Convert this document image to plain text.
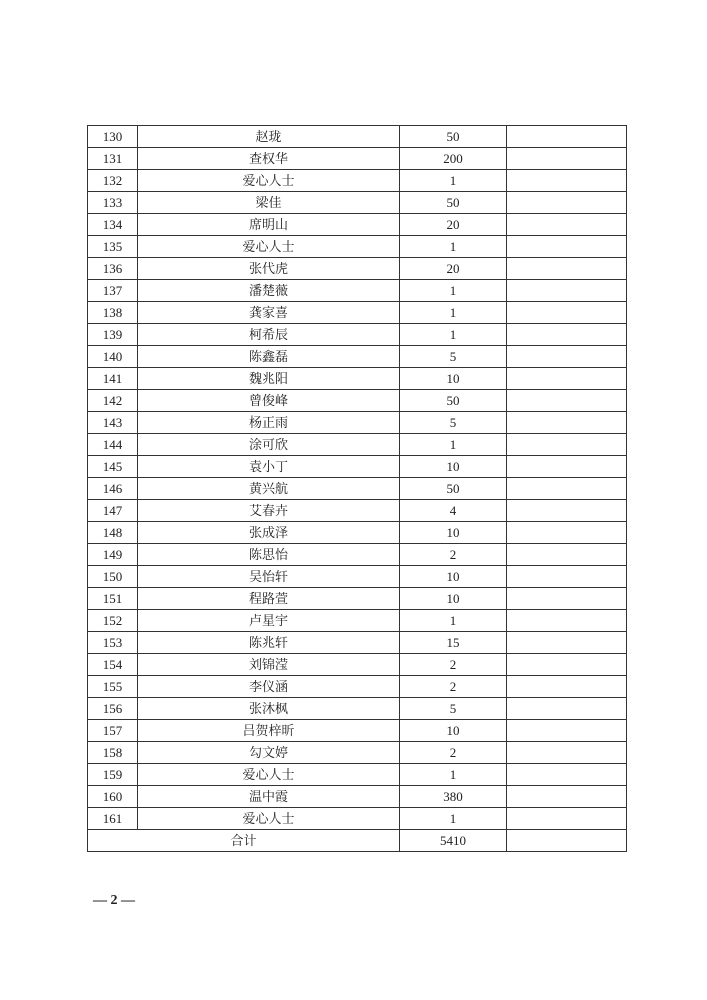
130	赵珑	50	
131	查权华	200	
132	爱心人士	1	
133	梁佳	50	
134	席明山	20	
135	爱心人士	1	
136	张代虎	20	
137	潘楚薇	1	
138	龚家喜	1	
139	柯希辰	1	
140	陈鑫磊	5	
141	魏兆阳	10	
142	曾俊峰	50	
143	杨正雨	5	
144	涂可欣	1	
145	袁小丁	10	
146	黄兴航	50	
147	艾春卉	4	
148	张成泽	10	
149	陈思怡	2	
150	吴怡轩	10	
151	程路萱	10	
152	卢星宇	1	
153	陈兆轩	15	
154	刘锦滢	2	
155	李仪涵	2	
156	张沐枫	5	
157	吕贺梓昕	10	
158	勾文婷	2	
159	爱心人士	1	
160	温中霞	380	
161	爱心人士	1	
合计		5410	
— 2 —
